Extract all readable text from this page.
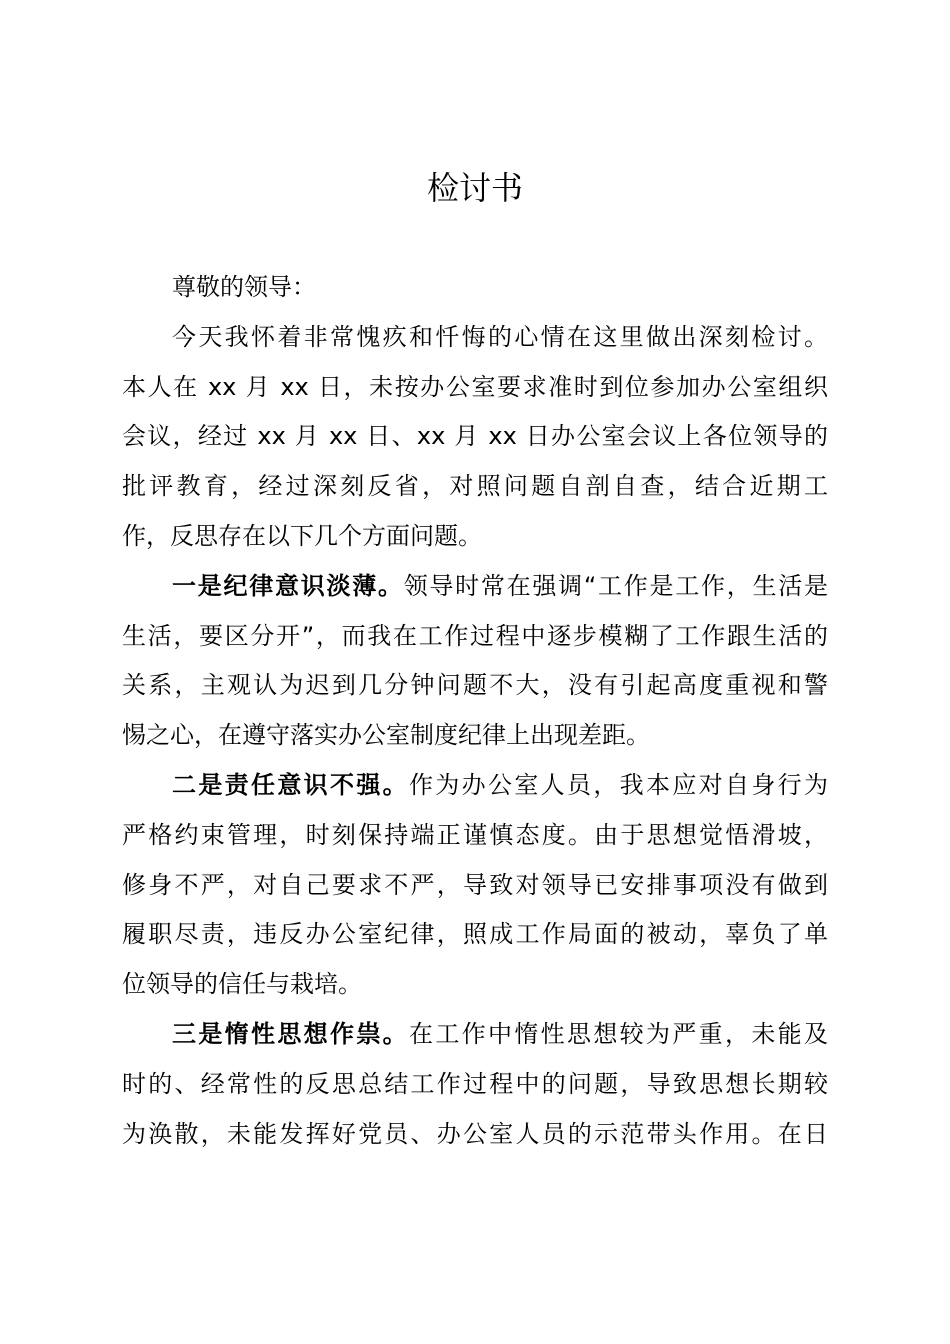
检讨书
尊敬的领导：
今天我怀着非常愧疚和忏悔的心情在这里做出深刻检讨。
本人在 xx 月 xx 日，未按办公室要求准时到位参加办公室组织
会议，经过 xx 月 xx 日、xx 月 xx 日办公室会议上各位领导的
批评教育，经过深刻反省，对照问题自剖自查，结合近期工
作，反思存在以下几个方面问题。
一是纪律意识淡薄。领导时常在强调“工作是工作，生活是
生活，要区分开”，而我在工作过程中逐步模糊了工作跟生活的
关系，主观认为迟到几分钟问题不大，没有引起高度重视和警
惕之心，在遵守落实办公室制度纪律上出现差距。
二是责任意识不强。作为办公室人员，我本应对自身行为
严格约束管理，时刻保持端正谨慎态度。由于思想觉悟滑坡，
修身不严，对自己要求不严，导致对领导已安排事项没有做到
履职尽责，违反办公室纪律，照成工作局面的被动，辜负了单
位领导的信任与栽培。
三是惰性思想作祟。在工作中惰性思想较为严重，未能及
时的、经常性的反思总结工作过程中的问题，导致思想长期较
为涣散，未能发挥好党员、办公室人员的示范带头作用。在日
